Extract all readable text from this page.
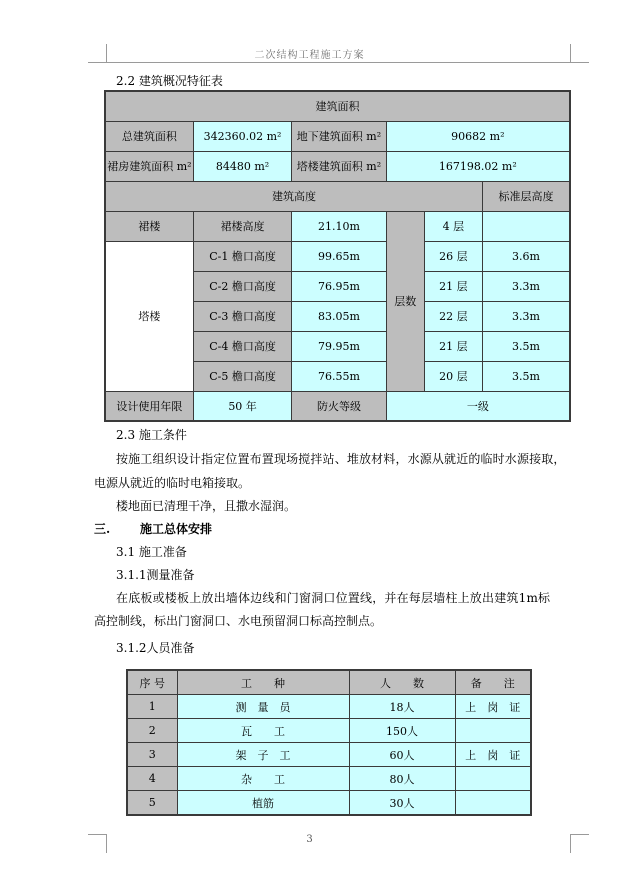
二次结构工程施工方案
2.2 建筑概况特征表
建筑面积					
总建筑面积	342360.02 m²	地下建筑面积 m²	90682 m²		
裙房建筑面积 m²	84480 m²	塔楼建筑面积 m²	167198.02 m²		
建筑高度					标准层高度
裙楼	裙楼高度	21.10m	层数	4 层	
塔楼	C-1 檐口高度	99.65m		26 层	3.6m
	C-2 檐口高度	76.95m		21 层	3.3m
	C-3 檐口高度	83.05m		22 层	3.3m
	C-4 檐口高度	79.95m		21 层	3.5m
	C-5 檐口高度	76.55m		20 层	3.5m
设计使用年限	50 年	防火等级	一级		
2.3 施工条件
按施工组织设计指定位置布置现场搅拌站、堆放材料，水源从就近的临时水源接取，
电源从就近的临时电箱接取。
楼地面已清理干净，且撒水湿润。
三. 施工总体安排
3.1 施工准备
3.1.1测量准备
在底板或楼板上放出墙体边线和门窗洞口位置线，并在每层墙柱上放出建筑1m标
高控制线，标出门窗洞口、水电预留洞口标高控制点。
3.1.2人员准备
序 号	工　　种	人　　数	备　　注
1	测　量　员	18人	上　岗　证
2	瓦　　工	150人	
3	架　子　工	60人	上　岗　证
4	杂　　工	80人	
5	植筋	30人	
3
